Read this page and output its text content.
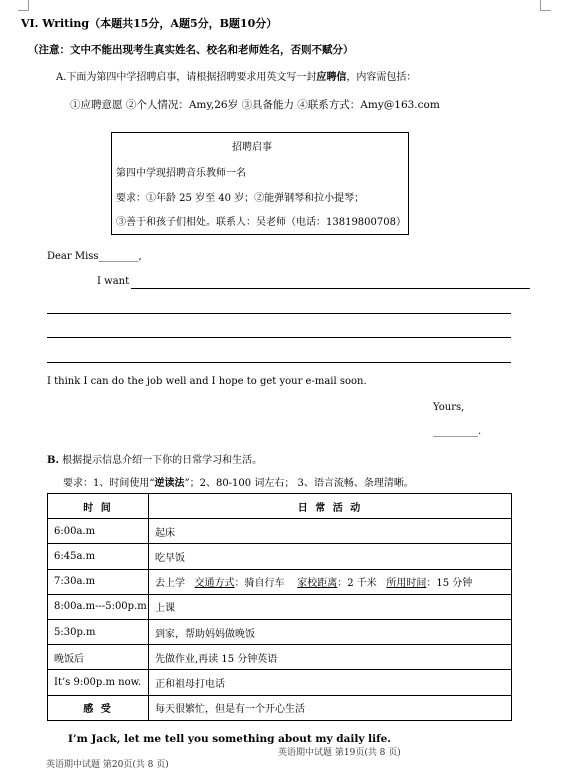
VI. Writing（本题共15分，A题5分，B题10分）
（注意：文中不能出现考生真实姓名、校名和老师姓名，否则不赋分）
A.下面为第四中学招聘启事，请根据招聘要求用英文写一封应聘信，内容需包括：
①应聘意愿 ②个人情况：Amy,26岁 ③具备能力 ④联系方式：Amy@163.com
招聘启事
第四中学现招聘音乐教师一名
要求：①年龄 25 岁至 40 岁；②能弹钢琴和拉小提琴；
③善于和孩子们相处。联系人：吴老师（电话：13819800708）
Dear Miss________,
I want
I think I can do the job well and I hope to get your e-mail soon.
Yours,
_________.
B. 根据提示信息介绍一下你的日常学习和生活。
要求：1、时间使用“逆读法”；2、80-100 词左右； 3、语言流畅、条理清晰。
时 间	日 常 活 动
6:00a.m	起床
6:45a.m	吃早饭
7:30a.m	去上学 交通方式：骑自行车 家校距离：2 千米 所用时间：15 分钟
8:00a.m---5:00p.m	上课
5:30p.m	到家，帮助妈妈做晚饭
晚饭后	先做作业,再读 15 分钟英语
It’s 9:00p.m now.	正和祖母打电话
感 受	每天很繁忙，但是有一个开心生活
I’m Jack, let me tell you something about my daily life.
英语期中试题 第19页(共 8 页)
英语期中试题 第20页(共 8 页)
